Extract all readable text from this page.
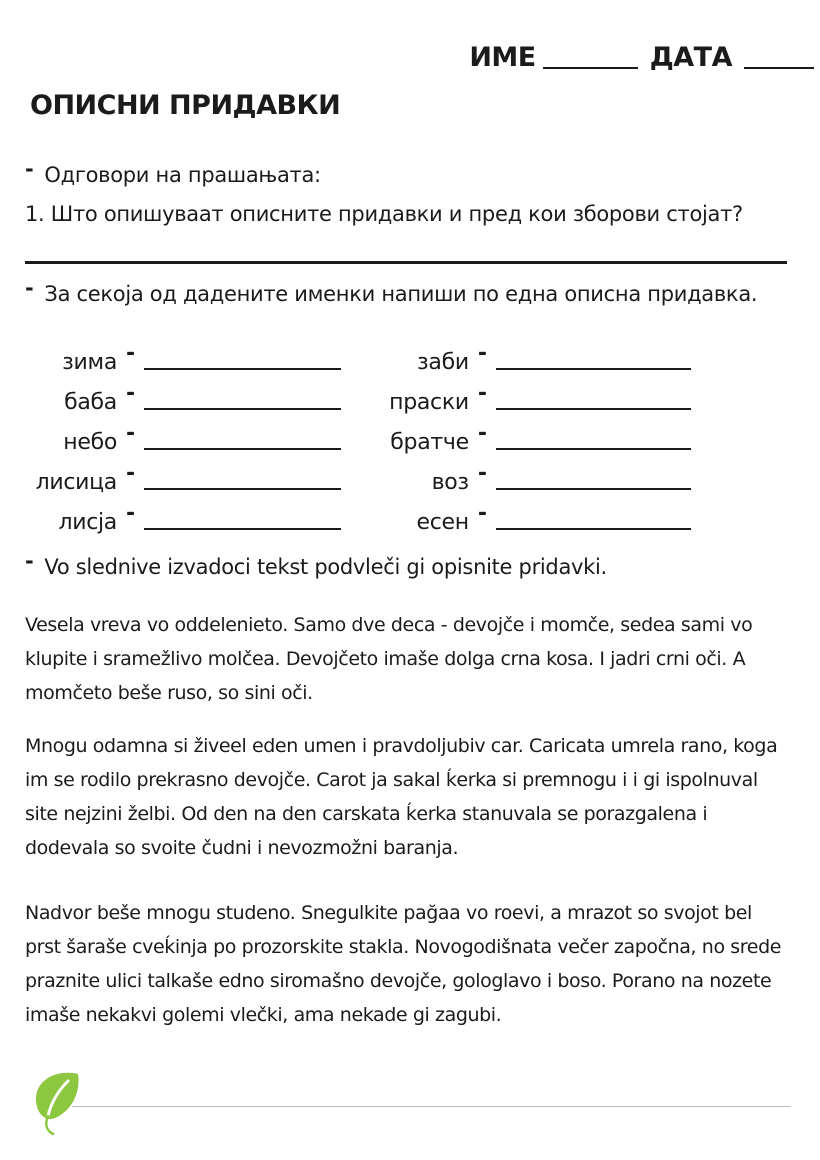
ИМЕ	ДАТА
ОПИСНИ ПРИДАВКИ
- Одговори на прашањата:
1. Што опишуваат описните придавки и пред кои зборови стојат?
- За секоја од дадените именки напиши по една описна придавка.
зима -
баба -
небо -
лисица -
лисја -
заби -
праски -
братче -
воз -
есен -
- Vo slednive izvadoci tekst podvleči gi opisnite pridavki.

Vesela vreva vo oddelenieto. Samo dve deca - devojče i momče, sedea sami vo klupite i sramežlivo molčea. Devojčeto imaše dolga crna kosa. I jadri crni oči. A momčeto beše ruso, so sini oči.

Mnogu odamna si živeel eden umen i pravdoljubiv car. Caricata umrela rano, koga im se rodilo prekrasno devojče. Carot ja sakal ḱerka si premnogu i i gi ispolnuval site nejzini želbi. Od den na den carskata ḱerka stanuvala se porazgalena i dodevala so svoite čudni i nevozmožni baranja.

Nadvor beše mnogu studeno. Snegulkite pağaa vo roevi, a mrazot so svojot bel prst šaraše cveḱinja po prozorskite stakla. Novogodišnata večer započna, no srede praznite ulici talkaše edno siromašno devojče, gologlavo i boso. Porano na nozete imaše nekakvi golemi vlečki, ama nekade gi zagubi.
